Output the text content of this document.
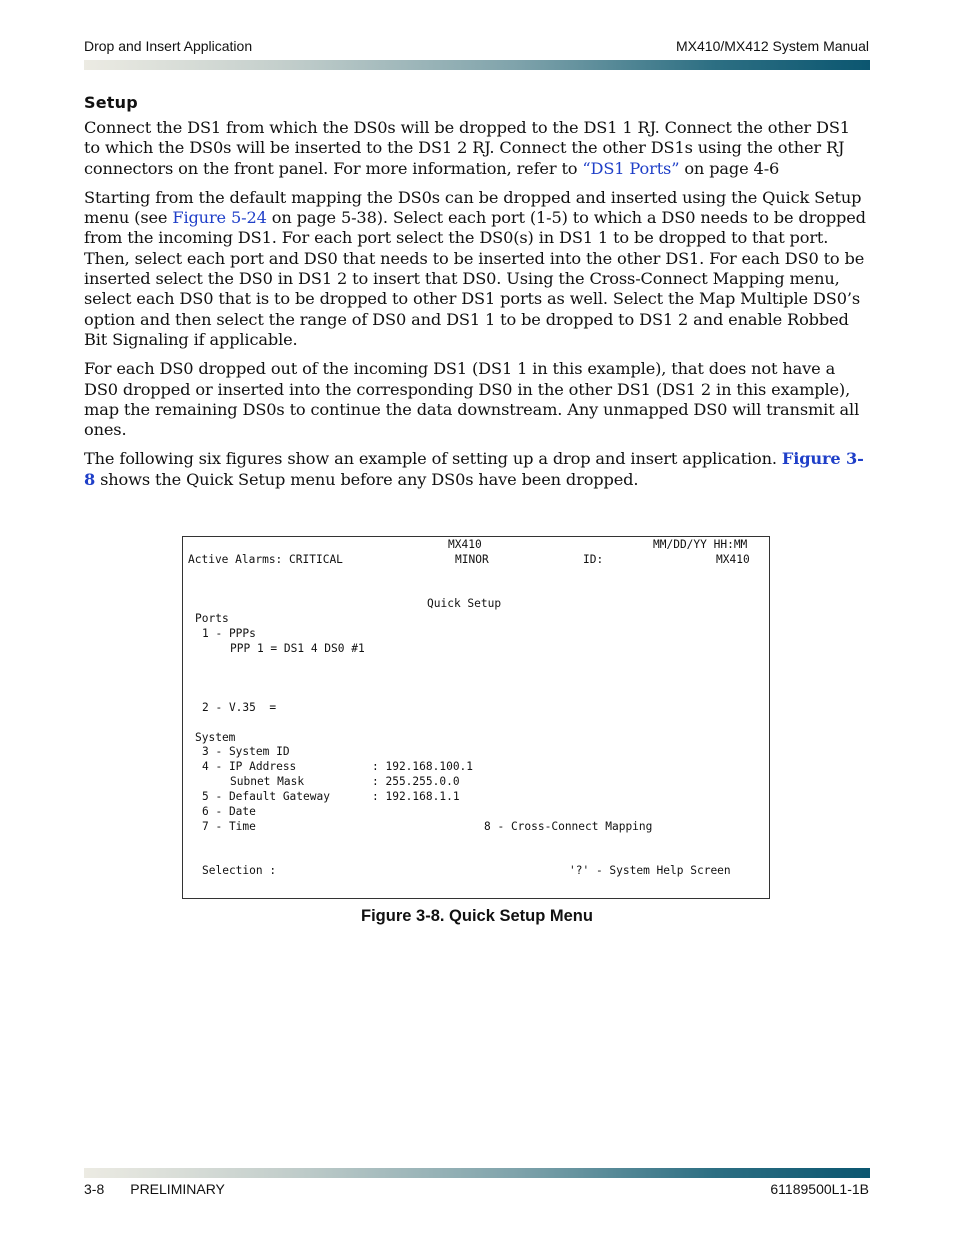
Drop and Insert Application	MX410/MX412 System Manual
Setup

Connect the DS1 from which the DS0s will be dropped to the DS1 1 RJ. Connect the other DS1 to which the DS0s will be inserted to the DS1 2 RJ. Connect the other DS1s using the other RJ connectors on the front panel. For more information, refer to “DS1 Ports” on page 4-6

Starting from the default mapping the DS0s can be dropped and inserted using the Quick Setup menu (see Figure 5-24 on page 5-38). Select each port (1-5) to which a DS0 needs to be dropped from the incoming DS1. For each port select the DS0(s) in DS1 1 to be dropped to that port. Then, select each port and DS0 that needs to be inserted into the other DS1. For each DS0 to be inserted select the DS0 in DS1 2 to insert that DS0. Using the Cross-Connect Mapping menu, select each DS0 that is to be dropped to other DS1 ports as well. Select the Map Multiple DS0’s option and then select the range of DS0 and DS1 1 to be dropped to DS1 2 and enable Robbed Bit Signaling if applicable.

For each DS0 dropped out of the incoming DS1 (DS1 1 in this example), that does not have a DS0 dropped or inserted into the corresponding DS0 in the other DS1 (DS1 2 in this example), map the remaining DS0s to continue the data downstream. Any unmapped DS0 will transmit all ones.

The following six figures show an example of setting up a drop and insert application. Figure 3-8 shows the Quick Setup menu before any DS0s have been dropped.

MX410	MM/DD/YY HH:MM
Active Alarms: CRITICAL	MINOR	ID:	MX410
Quick Setup
Ports
1 - PPPs
PPP 1 = DS1 4 DS0 #1
2 - V.35  =
System
3 - System ID
4 - IP Address	: 192.168.100.1
Subnet Mask	: 255.255.0.0
5 - Default Gateway	: 192.168.1.1
6 - Date
7 - Time	8 - Cross-Connect Mapping
Selection :	'?' - System Help Screen
Figure 3-8. Quick Setup Menu
3-8 PRELIMINARY	61189500L1-1B
